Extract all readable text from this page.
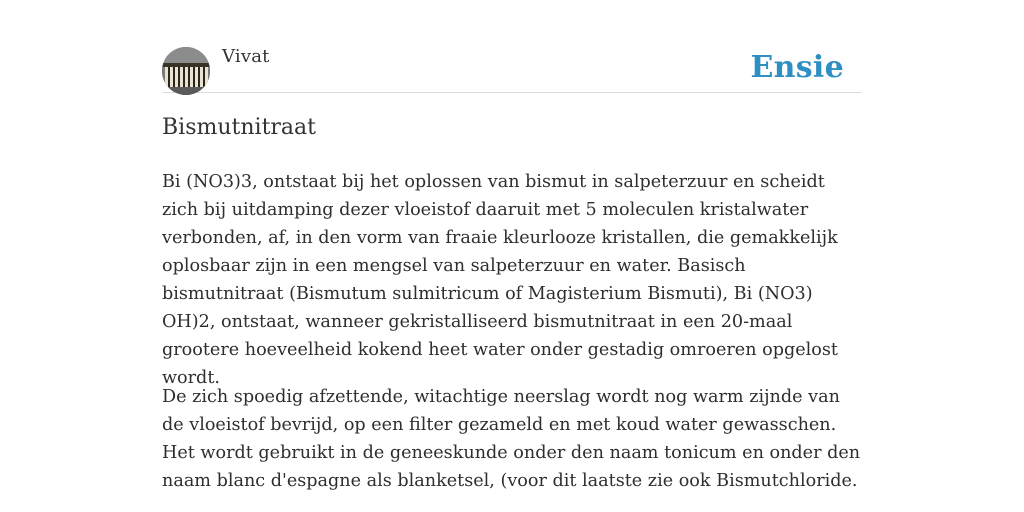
Vivat	Ensie
Bismutnitraat

Bi (NO3)3, ontstaat bij het oplossen van bismut in salpeterzuur en scheidt zich bij uitdamping dezer vloeistof daaruit met 5 moleculen kristalwater verbonden, af, in den vorm van fraaie kleurlooze kristallen, die gemakkelijk oplosbaar zijn in een mengsel van salpeterzuur en water. Basisch bismutnitraat (Bismutum sulmitricum of Magisterium Bismuti), Bi (NO3) OH)2, ontstaat, wanneer gekristalliseerd bismutnitraat in een 20-maal grootere hoeveelheid kokend heet water onder gestadig omroeren opgelost wordt.

De zich spoedig afzettende, witachtige neerslag wordt nog warm zijnde van de vloeistof bevrijd, op een filter gezameld en met koud water gewasschen. Het wordt gebruikt in de geneeskunde onder den naam tonicum en onder den naam blanc d'espagne als blanketsel, (voor dit laatste zie ook Bismutchloride.
